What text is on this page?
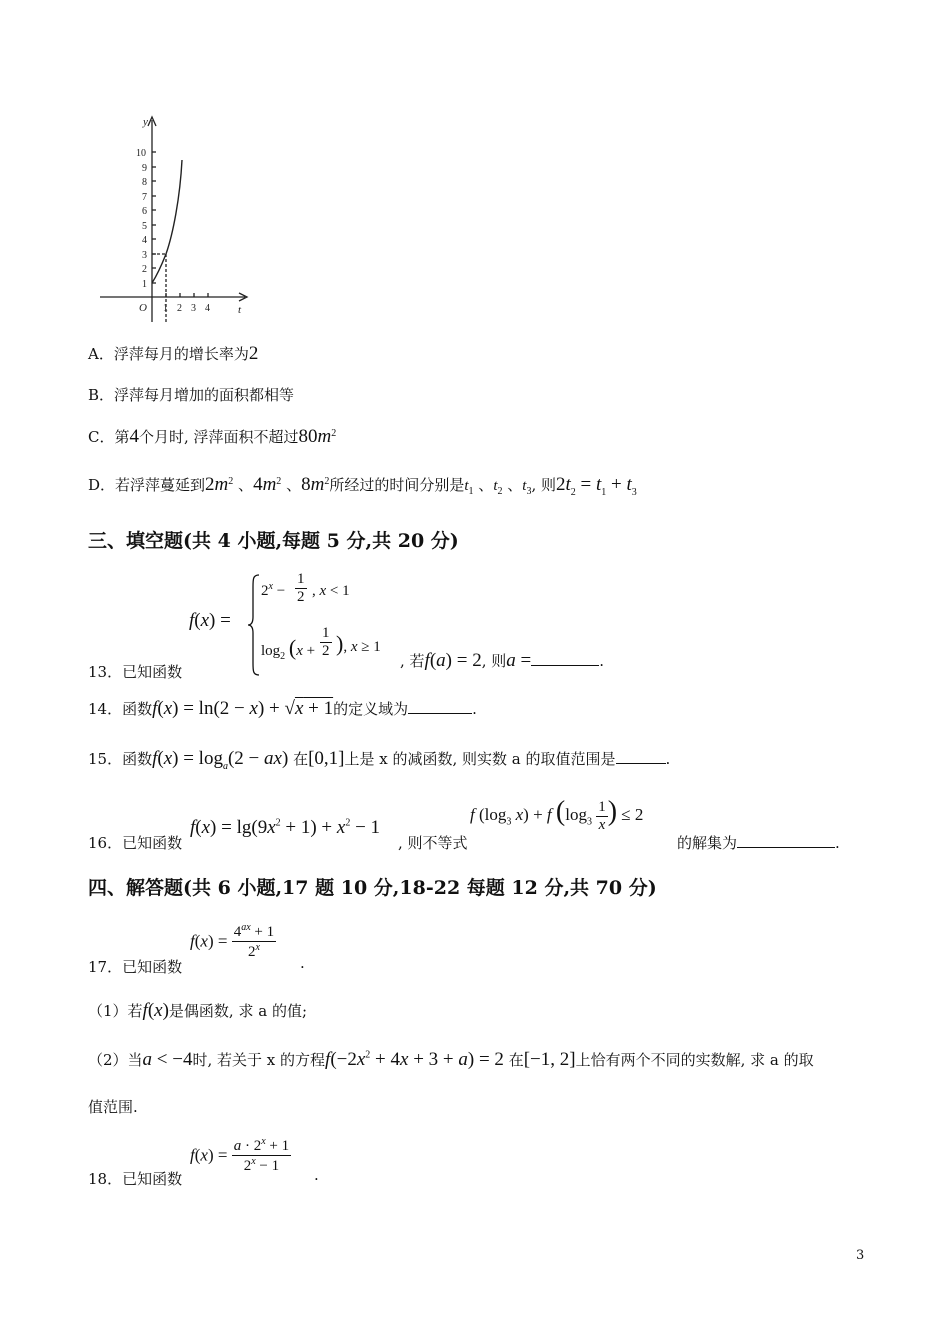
y
t
O
1
2
3
4
5
6
7
8
9
10
1 2 3 4
A．浮萍每月的增长率为2
B．浮萍每月增加的面积都相等
C．第4个月时, 浮萍面积不超过$80m^2$
D．若浮萍蔓延到$2m^2$ 、$4m^2$ 、$8m^2$所经过的时间分别是$t_1$ 、$t_2$ 、$t_3$, 则$2t_2 = t_1 + t_3$
三、填空题(共 4 小题,每题 5 分,共 20 分)
f(x) =
$2^x - \frac{1}{2}$ , x < 1
$\log_2 (x + \frac{1}{2}$ ), x ≥ 1
13．已知函数
, 若f(a) = 2, 则a =	.
14．函数f(x) = ln(2 − x) + √x + 1的定义域为	.
15．函数$f(x) = \log_a(2 - ax)$ 在[0,1]上是 x 的减函数, 则实数 a 的取值范围是	.
16．已知函数
$f(x) = \lg(9x^2 + 1) + x^2 - 1$
, 则不等式
f ($\log_3$ x) + f ($\log_3 \frac{1}{x}$ ) ≤ 2
的解集为	.
四、解答题(共 6 小题,17 题 10 分,18-22 每题 12 分,共 70 分)
$f(x) = \frac{4^{ax} + 1}{2^x}$
17．已知函数	.
（1）若f(x)是偶函数, 求 a 的值;
（2）当a < −4时, 若关于 x 的方程$f(-2x^2 + 4x + 3 + a) = 2$ 在[−1, 2]上恰有两个不同的实数解, 求 a 的取
值范围.
$f(x) = \frac{a \cdot 2^x + 1}{2^x - 1}$
18．已知函数	.
3
